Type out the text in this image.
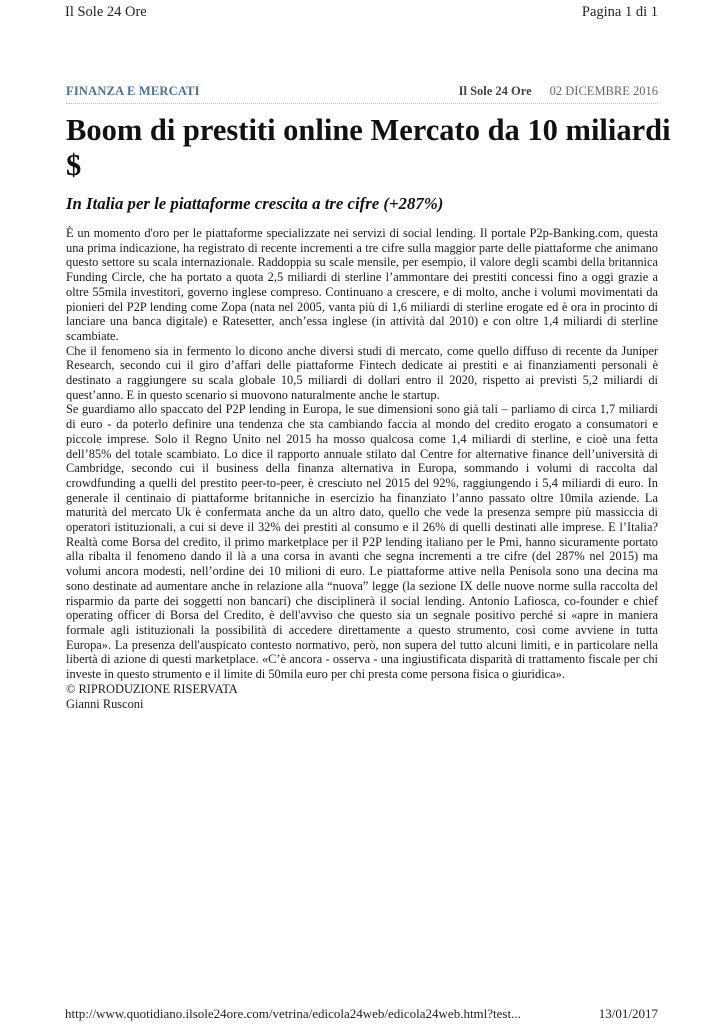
Il Sole 24 Ore	Pagina 1 di 1
FINANZA E MERCATI	Il Sole 24 Ore 02 DICEMBRE 2016
Boom di prestiti online Mercato da 10 miliardi $
In Italia per le piattaforme crescita a tre cifre (+287%)

È un momento d'oro per le piattaforme specializzate nei servizi di social lending. Il portale P2p-Banking.com, questa una prima indicazione, ha registrato di recente incrementi a tre cifre sulla maggior parte delle piattaforme che animano questo settore su scala internazionale. Raddoppia su scale mensile, per esempio, il valore degli scambi della britannica Funding Circle, che ha portato a quota 2,5 miliardi di sterline l’ammontare dei prestiti concessi fino a oggi grazie a oltre 55mila investitori, governo inglese compreso. Continuano a crescere, e di molto, anche i volumi movimentati da pionieri del P2P lending come Zopa (nata nel 2005, vanta più di 1,6 miliardi di sterline erogate ed è ora in procinto di lanciare una banca digitale) e Ratesetter, anch’essa inglese (in attività dal 2010) e con oltre 1,4 miliardi di sterline scambiate.

Che il fenomeno sia in fermento lo dicono anche diversi studi di mercato, come quello diffuso di recente da Juniper Research, secondo cui il giro d’affari delle piattaforme Fintech dedicate ai prestiti e ai finanziamenti personali è destinato a raggiungere su scala globale 10,5 miliardi di dollari entro il 2020, rispetto ai previsti 5,2 miliardi di quest’anno. E in questo scenario si muovono naturalmente anche le startup.

Se guardiamo allo spaccato del P2P lending in Europa, le sue dimensioni sono già tali – parliamo di circa 1,7 miliardi di euro - da poterlo definire una tendenza che sta cambiando faccia al mondo del credito erogato a consumatori e piccole imprese. Solo il Regno Unito nel 2015 ha mosso qualcosa come 1,4 miliardi di sterline, e cioè una fetta dell’85% del totale scambiato. Lo dice il rapporto annuale stilato dal Centre for alternative finance dell’università di Cambridge, secondo cui il business della finanza alternativa in Europa, sommando i volumi di raccolta dal crowdfunding a quelli del prestito peer-to-peer, è cresciuto nel 2015 del 92%, raggiungendo i 5,4 miliardi di euro. In generale il centinaio di piattaforme britanniche in esercizio ha finanziato l’anno passato oltre 10mila aziende. La maturità del mercato Uk è confermata anche da un altro dato, quello che vede la presenza sempre più massiccia di operatori istituzionali, a cui si deve il 32% dei prestiti al consumo e il 26% di quelli destinati alle imprese. E l’Italia? Realtà come Borsa del credito, il primo marketplace per il P2P lending italiano per le Pmi, hanno sicuramente portato alla ribalta il fenomeno dando il là a una corsa in avanti che segna incrementi a tre cifre (del 287% nel 2015) ma volumi ancora modesti, nell’ordine dei 10 milioni di euro. Le piattaforme attive nella Penisola sono una decina ma sono destinate ad aumentare anche in relazione alla “nuova” legge (la sezione IX delle nuove norme sulla raccolta del risparmio da parte dei soggetti non bancari) che disciplinerà il social lending. Antonio Lafiosca, co-founder e chief operating officer di Borsa del Credito, è dell'avviso che questo sia un segnale positivo perché si «apre in maniera formale agli istituzionali la possibilità di accedere direttamente a questo strumento, così come avviene in tutta Europa». La presenza dell'auspicato contesto normativo, però, non supera del tutto alcuni limiti, e in particolare nella libertà di azione di questi marketplace. «C’è ancora - osserva - una ingiustificata disparità di trattamento fiscale per chi investe in questo strumento e il limite di 50mila euro per chi presta come persona fisica o giuridica».

© RIPRODUZIONE RISERVATA

Gianni Rusconi

http://www.quotidiano.ilsole24ore.com/vetrina/edicola24web/edicola24web.html?test...	13/01/2017
